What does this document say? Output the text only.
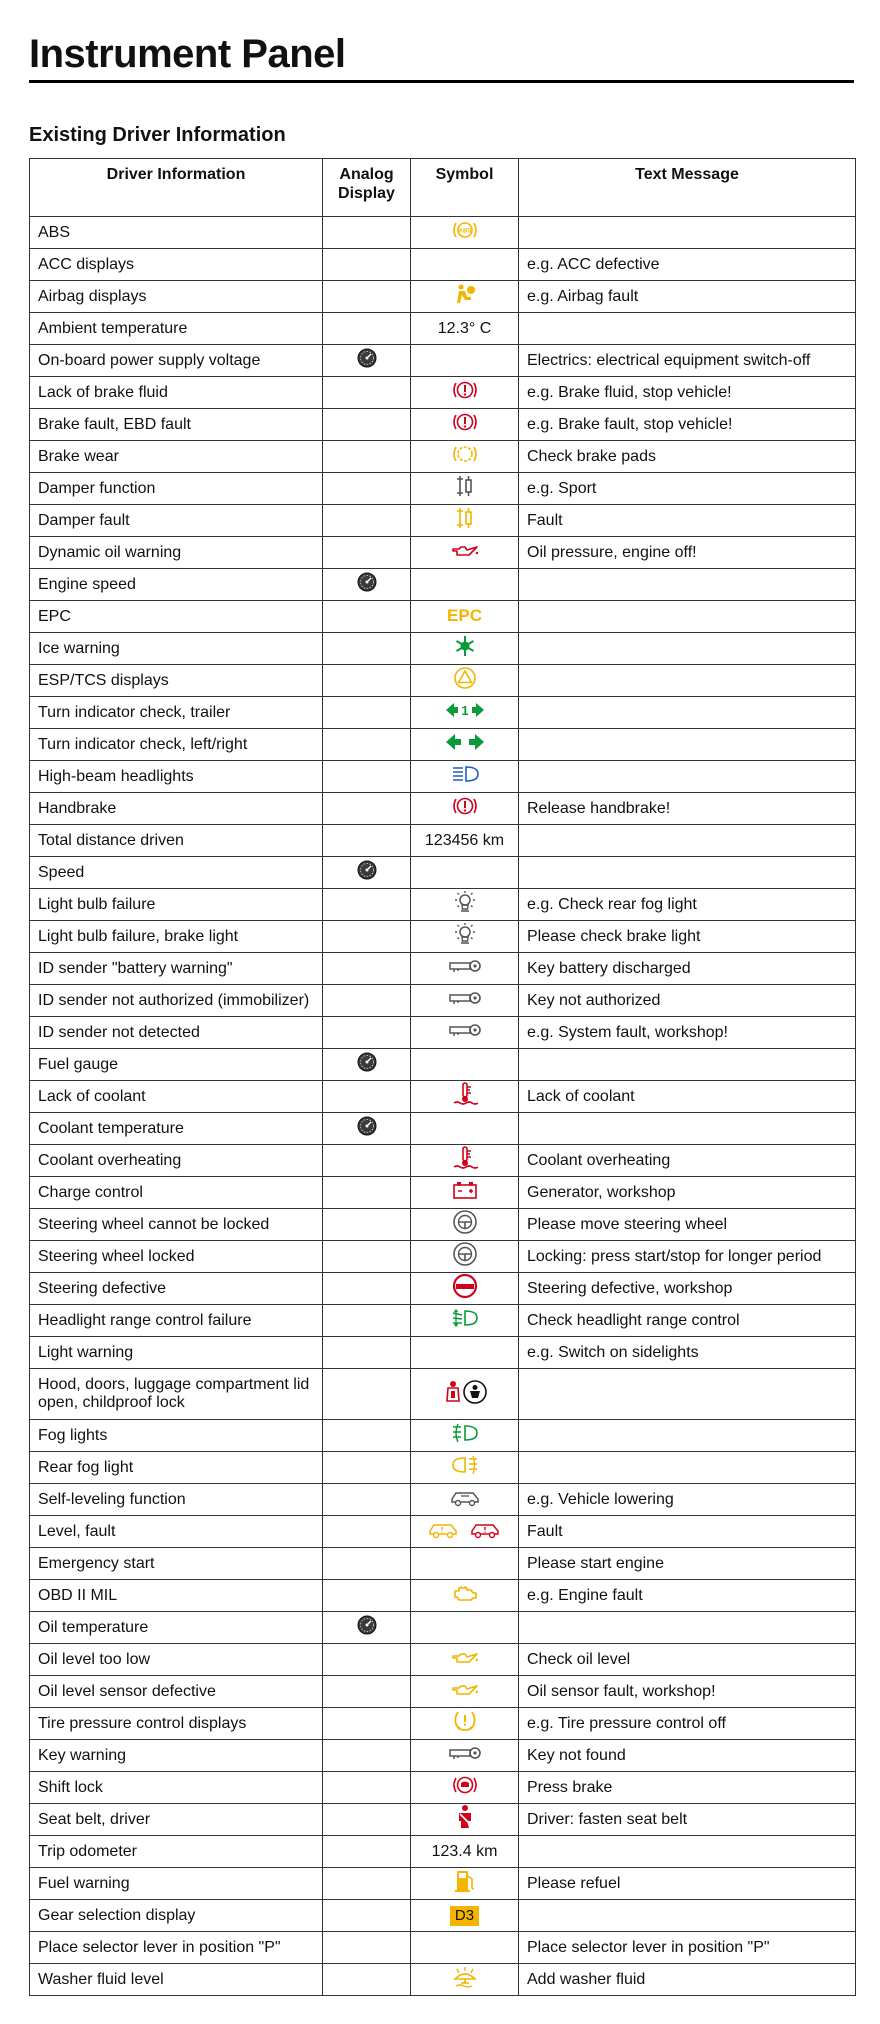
Instrument Panel
Existing Driver Information
Driver Information	Analog Display	Symbol	Text Message
ABS		ABS	

ACC displays			e.g. ACC defective
Airbag displays			e.g. Airbag fault
Ambient temperature		12.3° C	
On-board power supply voltage			Electrics: electrical equipment switch-off
Lack of brake fluid			e.g. Brake fluid, stop vehicle!
Brake fault, EBD fault			e.g. Brake fault, stop vehicle!
Brake wear			Check brake pads
Damper function			e.g. Sport
Damper fault			Fault
Dynamic oil warning			Oil pressure, engine off!
Engine speed			
EPC		EPC	
Ice warning		

ESP/TCS displays		

Turn indicator check, trailer		1	

Turn indicator check, left/right		

High-beam headlights		

Handbrake			Release handbrake!
Total distance driven		123456 km	
Speed			
Light bulb failure			e.g. Check rear fog light
Light bulb failure, brake light			Please check brake light
ID sender "battery warning"			Key battery discharged
ID sender not authorized (immobilizer)			Key not authorized
ID sender not detected			e.g. System fault, workshop!
Fuel gauge			
Lack of coolant			Lack of coolant
Coolant temperature			
Coolant overheating			Coolant overheating
Charge control			Generator, workshop
Steering wheel cannot be locked			Please move steering wheel
Steering wheel locked			Locking: press start/stop for longer period
Steering defective			Steering defective, workshop
Headlight range control failure			Check headlight range control
Light warning			e.g. Switch on sidelights
Hood, doors, luggage compartment lid open, childproof lock		

Fog lights		

Rear fog light		

Self-leveling function			e.g. Vehicle lowering
Level, fault			Fault
Emergency start			Please start engine
OBD II MIL			e.g. Engine fault
Oil temperature			
Oil level too low			Check oil level
Oil level sensor defective			Oil sensor fault, workshop!
Tire pressure control displays			e.g. Tire pressure control off
Key warning			Key not found
Shift lock			Press brake
Seat belt, driver			Driver: fasten seat belt
Trip odometer		123.4 km	
Fuel warning			Please refuel
Gear selection display		D3	
Place selector lever in position "P"			Place selector lever in position "P"
Washer fluid level			Add washer fluid
